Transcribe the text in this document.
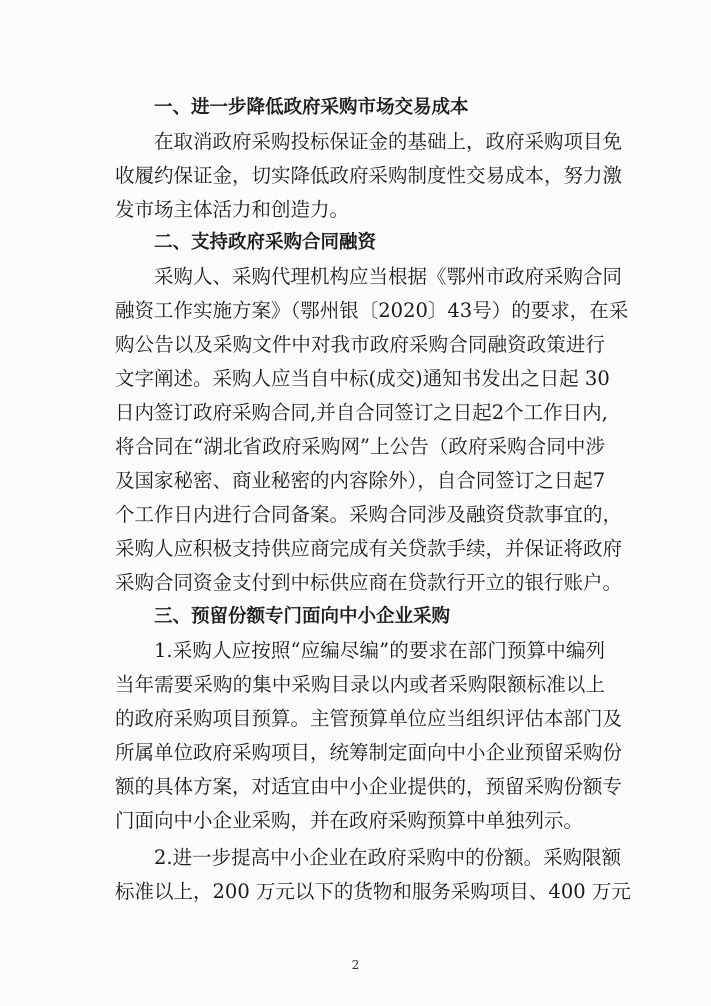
一、进一步降低政府采购市场交易成本
在取消政府采购投标保证金的基础上，政府采购项目免
收履约保证金，切实降低政府采购制度性交易成本，努力激
发市场主体活力和创造力。
二、支持政府采购合同融资
采购人、采购代理机构应当根据《鄂州市政府采购合同
融资工作实施方案》（鄂州银〔2020〕43号）的要求，在采
购公告以及采购文件中对我市政府采购合同融资政策进行
文字阐述。采购人应当自中标(成交)通知书发出之日起 30
日内签订政府采购合同,并自合同签订之日起2个工作日内,
将合同在“湖北省政府采购网”上公告（政府采购合同中涉
及国家秘密、商业秘密的内容除外），自合同签订之日起7
个工作日内进行合同备案。采购合同涉及融资贷款事宜的，
采购人应积极支持供应商完成有关贷款手续，并保证将政府
采购合同资金支付到中标供应商在贷款行开立的银行账户。
三、预留份额专门面向中小企业采购
1.采购人应按照“应编尽编”的要求在部门预算中编列
当年需要采购的集中采购目录以内或者采购限额标准以上
的政府采购项目预算。主管预算单位应当组织评估本部门及
所属单位政府采购项目，统筹制定面向中小企业预留采购份
额的具体方案，对适宜由中小企业提供的，预留采购份额专
门面向中小企业采购，并在政府采购预算中单独列示。
2.进一步提高中小企业在政府采购中的份额。采购限额
标准以上，200 万元以下的货物和服务采购项目、400 万元
2
